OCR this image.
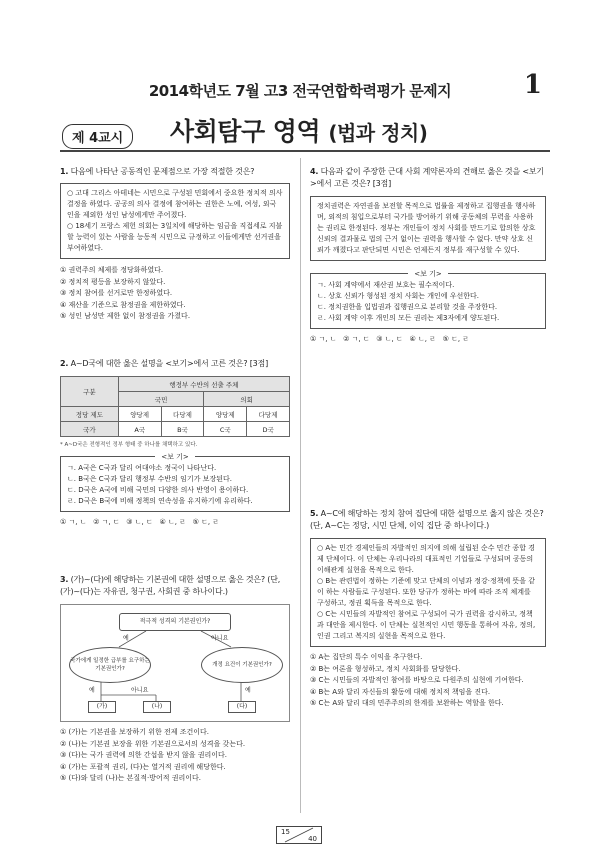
2014학년도 7월 고3 전국연합학력평가 문제지	1
제 4교시	사회탐구 영역 (법과 정치)
1. 다음에 나타난 공동적인 문제점으로 가장 적절한 것은?
○ 고대 그리스 아테네는 시민으로 구성된 민회에서 중요한 정치적 의사 결정을 하였다. 공공의 의사 결정에 참여하는 권한은 노예, 여성, 외국인을 제외한 성인 남성에게만 주어졌다.
○ 18세기 프랑스 제헌 의회는 3일치에 해당하는 임금을 직접세로 지불할 능력이 있는 사람을 능동적 시민으로 규정하고 이들에게만 선거권을 부여하였다.
① 권력주의 체제를 정당화하였다.
② 정치적 평등을 보장하지 않았다.
③ 정치 참여를 선거로만 한정하였다.
④ 재산을 기준으로 참정권을 제한하였다.
⑤ 성인 남성만 제한 없이 참정권을 가졌다.
2. A~D국에 대한 옳은 설명을 <보기>에서 고른 것은? [3점]
구분	행정부 수반의 선출 주체			
	국민		의회	
정당 제도	양당제	다당제	양당제	다당제
국가	A국	B국	C국	D국
* A~D국은 전형적인 정부 형태 중 하나를 채택하고 있다.
<보 기>
ㄱ. A국은 C국과 달리 여대야소 정국이 나타난다.
ㄴ. B국은 C국과 달리 행정부 수반의 임기가 보장된다.
ㄷ. D국은 A국에 비해 국민의 다양한 의사 반영이 용이하다.
ㄹ. D국은 B국에 비해 정책의 연속성을 유지하기에 유리하다.
① ㄱ, ㄴ   ② ㄱ, ㄷ   ③ ㄴ, ㄷ   ④ ㄴ, ㄹ   ⑤ ㄷ, ㄹ
3. (가)~(다)에 해당하는 기본권에 대한 설명으로 옳은 것은? (단, (가)~(다)는 자유권, 청구권, 사회권 중 하나이다.)
적극적 성격의 기본권인가?
예	아니요
국가에게 일정한 급부를 요구하는 기본권인가?
개정 요건이 기본권인가?
예	아니요	예
(가)	(나)	(다)
① (가)는 기본권을 보장하기 위한 전제 조건이다.
② (나)는 기본권 보장을 위한 기본권으로서의 성격을 갖는다.
③ (다)는 국가 권력에 의한 간섭을 받지 않을 권리이다.
④ (가)는 포괄적 권리, (다)는 열거적 권리에 해당한다.
⑤ (다)와 달리 (나)는 본질적·방어적 권리이다.
4. 다음과 같이 주장한 근대 사회 계약론자의 견해로 옳은 것을 <보기>에서 고른 것은? [3점]
정치권력은 자연권을 보전할 목적으로 법률을 제정하고 집행권을 행사하며, 외적의 침입으로부터 국가를 방어하기 위해 공동체의 무력을 사용하는 권리로 한정된다. 정부는 개인들이 정치 사회를 만드기로 합의한 상호 신뢰의 결과물로 법의 근거 없이는 권력을 행사할 수 없다. 만약 상호 신뢰가 깨졌다고 판단되면 시민은 언제든지 정부를 재구성할 수 있다.
<보 기>
ㄱ. 사회 계약에서 재산권 보호는 필수적이다.
ㄴ. 상호 신뢰가 형성된 정치 사회는 개인에 우선한다.
ㄷ. 정치권한을 입법권과 집행권으로 분리할 것을 주장한다.
ㄹ. 사회 계약 이후 개인의 모든 권리는 제3자에게 양도된다.
① ㄱ, ㄴ   ② ㄱ, ㄷ   ③ ㄴ, ㄷ   ④ ㄴ, ㄹ   ⑤ ㄷ, ㄹ
5. A~C에 해당하는 정치 참여 집단에 대한 설명으로 옳지 않은 것은? (단, A~C는 정당, 시민 단체, 이익 집단 중 하나이다.)
○ A는 민간 경제인들의 자발적인 의지에 의해 설립된 순수 민간 종합 경제 단체이다. 이 단체는 우리나라의 대표적인 기업들로 구성되며 공동의 이해관계 실현을 목적으로 한다.
○ B는 관련법이 정하는 기준에 맞고 단체의 이념과 정강·정책에 뜻을 같이 하는 사람들로 구성된다. 또한 당규가 정하는 바에 따라 조직 체계를 구성하고, 정권 획득을 목적으로 한다.
○ C는 시민들의 자발적인 참여로 구성되어 국가 권력을 감시하고, 정책과 대안을 제시한다. 이 단체는 실천적인 시민 행동을 통하여 자유, 정의, 인권 그리고 복지의 실현을 목적으로 한다.
① A는 집단의 특수 이익을 추구한다.
② B는 여론을 형성하고, 정치 사회화를 담당한다.
③ C는 시민들의 자발적인 참여를 바탕으로 다원주의 실현에 기여한다.
④ B는 A와 달리 자신들의 활동에 대해 정치적 책임을 진다.
⑤ C는 A와 달리 대의 민주주의의 한계를 보완하는 역할을 한다.
15
40
